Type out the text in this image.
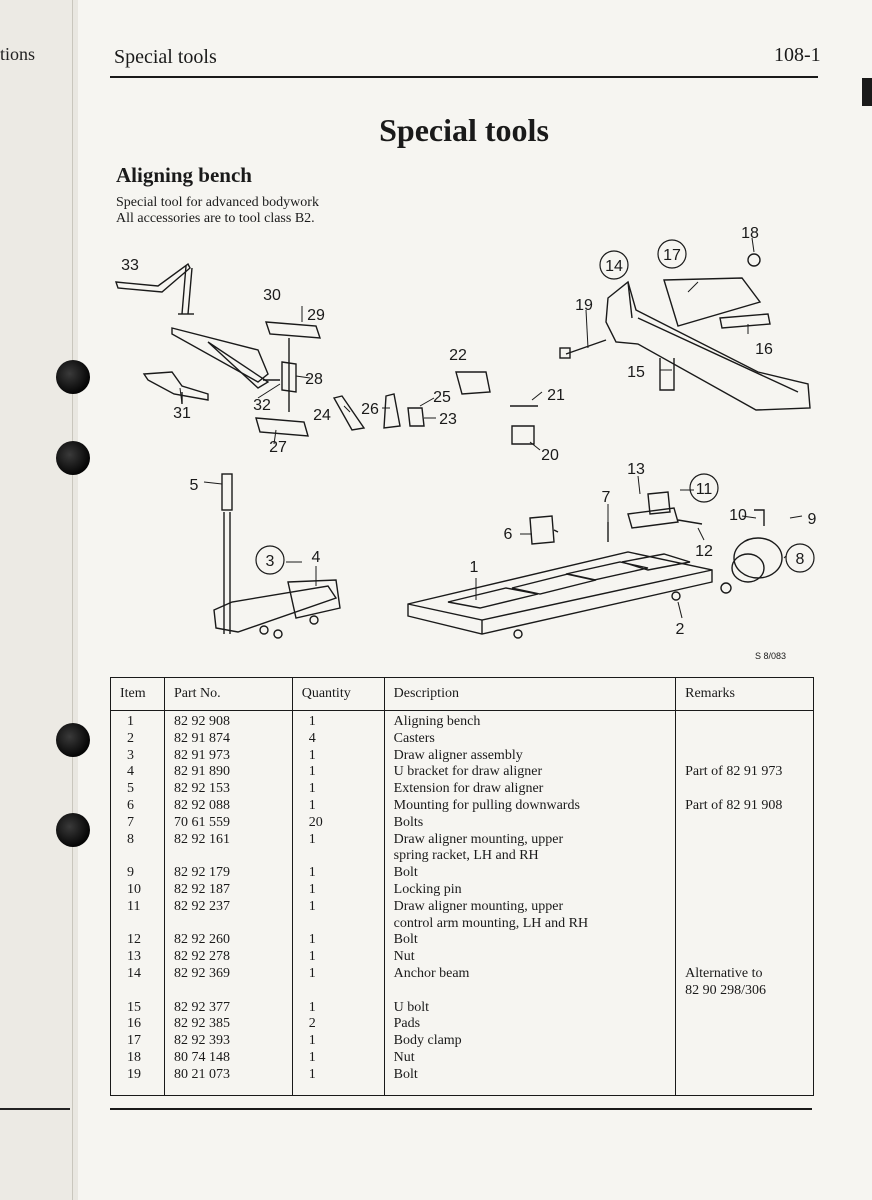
tions	Special tools	108-1
Special tools
Aligning bench
Special tool for advanced bodywork
All accessories are to tool class B2.
1
2
3 4
5
6
7
8
9
10
11
12
13
14
15
16
17
18
19
20
21
22
23
24
25
26
27
28
29
30
31	32
33
S 8/083
Item	Part No.	Quantity	Description	Remarks

1	82 92 908	1	Aligning bench	

2	82 91 874	4	Casters	

3	82 91 973	1	Draw aligner assembly	

4	82 91 890	1	U bracket for draw aligner	Part of 82 91 973

5	82 92 153	1	Extension for draw aligner	

6	82 92 088	1	Mounting for pulling downwards	Part of 82 91 908

7	70 61 559	20	Bolts	

8	82 92 161	1	Draw aligner mounting, upper
spring racket, LH and RH	

9	82 92 179	1	Bolt	

10	82 92 187	1	Locking pin	

11	82 92 237	1	Draw aligner mounting, upper
control arm mounting, LH and RH	

12	82 92 260	1	Bolt	

13	82 92 278	1	Nut	

14	82 92 369	1	Anchor beam	Alternative to
82 90 298/306

15	82 92 377	1	U bolt	

16	82 92 385	2	Pads	

17	82 92 393	1	Body clamp	

18	80 74 148	1	Nut	

19	80 21 073	1	Bolt	
